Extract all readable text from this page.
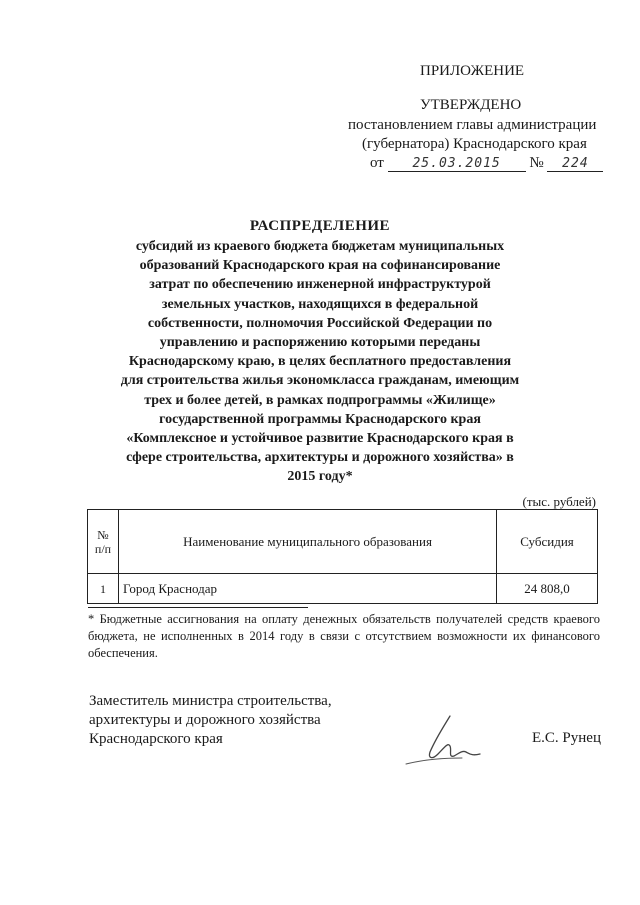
ПРИЛОЖЕНИЕ
УТВЕРЖДЕНО
постановлением главы администрации
(губернатора) Краснодарского края
от 25.03.2015 № 224
РАСПРЕДЕЛЕНИЕ
субсидий из краевого бюджета бюджетам муниципальных образований Краснодарского края на софинансирование затрат по обеспечению инженерной инфраструктурой земельных участков, находящихся в федеральной собственности, полномочия Российской Федерации по управлению и распоряжению которыми переданы Краснодарскому краю, в целях бесплатного предоставления для строительства жилья экономкласса гражданам, имеющим трех и более детей, в рамках подпрограммы «Жилище» государственной программы Краснодарского края «Комплексное и устойчивое развитие Краснодарского края в сфере строительства, архитектуры и дорожного хозяйства» в 2015 году*
(тыс. рублей)
№ п/п	Наименование муниципального образования	Субсидия
1	Город Краснодар	24 808,0
* Бюджетные ассигнования на оплату денежных обязательств получателей средств краевого бюджета, не исполненных в 2014 году в связи с отсутствием возможности их финансового обеспечения.
Заместитель министра строительства,
архитектуры и дорожного хозяйства
Краснодарского края	Е.С. Рунец
